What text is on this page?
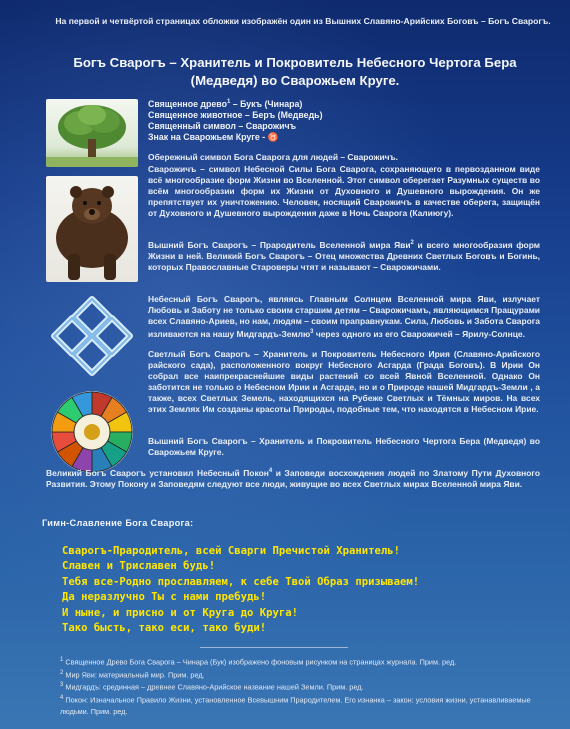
На первой и четвёртой страницах обложки изображён один из Вышних Славяно-Арийских Боговъ – Богъ Сварогъ.
Богъ Сварогъ – Хранитель и Покровитель Небесного Чертога Бера (Медведя) во Сварожьем Круге.
Священное древо$^1$ – Букъ (Чинара)
Священное животное – Беръ (Медведь)
Священный символ – Сварожичъ
Знак на Сварожьем Круге - ♉
Обережный символ Бога Сварога для людей – Сварожичъ.
Сварожичъ – символ Небесной Силы Бога Сварога, сохраняющего в первозданном виде всё многообразие форм Жизни во Вселенной. Этот символ оберегает Разумных существ во всём многообразии форм их Жизни от Духовного и Душевного вырождения. Он же препятствует их уничтожению. Человек, носящий Сварожичъ в качестве оберега, защищён от Духовного и Душевного вырождения даже в Ночь Сварога (Калиюгу).
Вышний Богъ Сварогъ – Прародитель Вселенной мира Яви$^2$ и всего многообразия форм Жизни в ней. Великий Богъ Сварогъ – Отец множества Древних Светлых Боговъ и Богинь, которых Православные Староверы чтят и называют – Сварожичами.
Небесный Богъ Сварогъ, являясь Главным Солнцем Вселенной мира Яви, излучает Любовь и Заботу не только своим старшим детям – Сварожичамъ, являющимся Пращурами всех Славяно-Ариев, но нам, людям – своим праправнукам. Сила, Любовь и Забота Сварога изливаются на нашу Мидгардъ-Землю$^3$ через одного из его Сварожичей – Ярилу-Солнце.
Светлый Богъ Сварогъ – Хранитель и Покровитель Небесного Ирия (Славяно-Арийского райского сада), расположенного вокруг Небесного Асгарда (Града Боговъ). В Ирии Он собрал все наипрекраснейшие виды растений со всей Явной Вселенной. Однако Он заботится не только о Небесном Ирии и Асгарде, но и о Природе нашей Мидгардъ-Земли , а также, всех Светлых Земель, находящихся на Рубеже Светлых и Тёмных миров. На всех этих Землях Им созданы красоты Природы, подобные тем, что находятся в Небесном Ирие.
Вышний Богъ Сварогъ – Хранитель и Покровитель Небесного Чертога Бера (Медведя) во Сварожьем Круге.
Великий Богъ Сварогъ установил Небесный Покон$^4$ и Заповеди восхождения людей по Златому Пути Духовного Развития. Этому Покону и Заповедям следуют все люди, живущие во всех Светлых мирах Вселенной мира Яви.
Гимн-Славление Бога Сварога:
Сварогъ-Прародитель, всей Сварги Пречистой Хранитель!
Славен и Триславен будь!
Тебя все-Родно прославляем, к себе Твой Образ призываем!
Да неразлучно Ты с нами пребудь!
И ныне, и присно и от Круга до Круга!
Тако бысть, тако еси, тако буди!
$^1$ Священное Древо Бога Сварога – Чинара (Бук) изображено фоновым рисунком на страницах журнала. Прим. ред.
$^2$ Мир Яви: материальный мир. Прим. ред.
$^3$ Мидгардъ: срединная – древнее Славяно-Арийское название нашей Земли. Прим. ред.
$^4$ Покон: Изначальное Правило Жизни, установленное Всевышним Прародителем. Его изнанка – закон: условия жизни, устанавливаемые людьми. Прим. ред.
